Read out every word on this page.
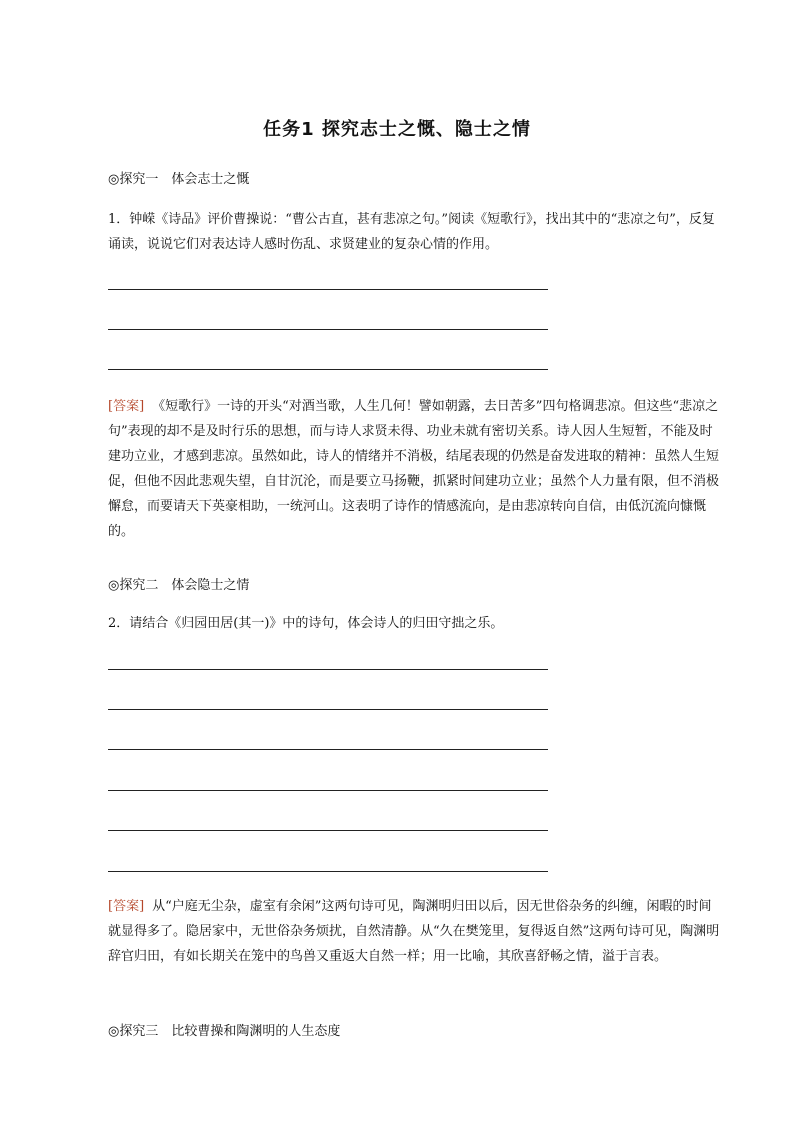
任务1 探究志士之慨、隐士之情
◎探究一　体会志士之慨
1．钟嵘《诗品》评价曹操说：“曹公古直，甚有悲凉之句。”阅读《短歌行》，找出其中的“悲凉之句”，反复诵读，说说它们对表达诗人感时伤乱、求贤建业的复杂心情的作用。
[答案] 《短歌行》一诗的开头“对酒当歌，人生几何！譬如朝露，去日苦多”四句格调悲凉。但这些“悲凉之句”表现的却不是及时行乐的思想，而与诗人求贤未得、功业未就有密切关系。诗人因人生短暂，不能及时建功立业，才感到悲凉。虽然如此，诗人的情绪并不消极，结尾表现的仍然是奋发进取的精神：虽然人生短促，但他不因此悲观失望，自甘沉沦，而是要立马扬鞭，抓紧时间建功立业；虽然个人力量有限，但不消极懈怠，而要请天下英豪相助，一统河山。这表明了诗作的情感流向，是由悲凉转向自信，由低沉流向慷慨的。
◎探究二　体会隐士之情
2．请结合《归园田居(其一)》中的诗句，体会诗人的归田守拙之乐。
[答案] 从“户庭无尘杂，虚室有余闲”这两句诗可见，陶渊明归田以后，因无世俗杂务的纠缠，闲暇的时间就显得多了。隐居家中，无世俗杂务烦扰，自然清静。从“久在樊笼里，复得返自然”这两句诗可见，陶渊明辞官归田，有如长期关在笼中的鸟兽又重返大自然一样；用一比喻，其欣喜舒畅之情，溢于言表。
◎探究三　比较曹操和陶渊明的人生态度
